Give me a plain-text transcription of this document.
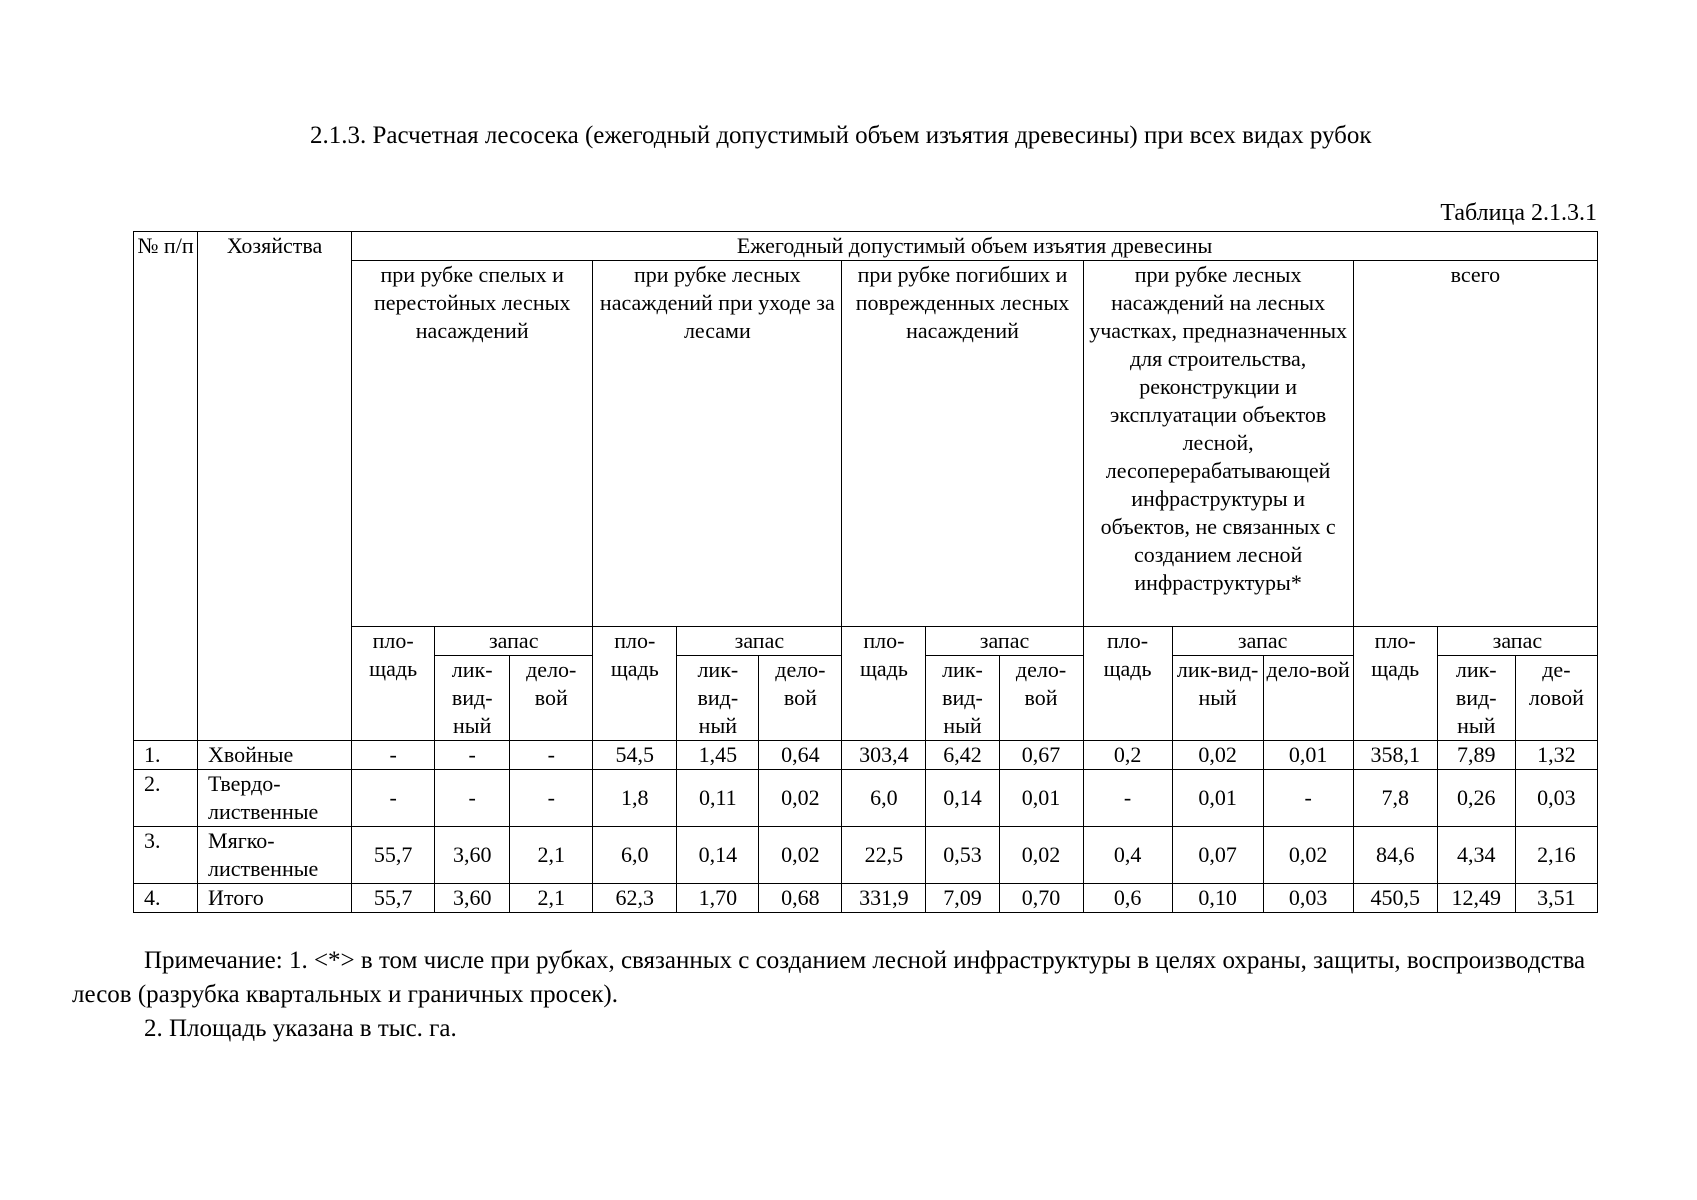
2.1.3. Расчетная лесосека (ежегодный допустимый объем изъятия древесины) при всех видах рубок
Таблица 2.1.3.1
№ п/п	Хозяйства	Ежегодный допустимый объем изъятия древесины														
		при рубке спелых и перестойных лесных насаждений			при рубке лесных насаждений при уходе за лесами			при рубке погибших и поврежденных лесных насаждений			при рубке лесных насаждений на лесных участках, предназначенных для строительства, реконструкции и эксплуатации объектов лесной, лесоперерабатывающей инфраструктуры и объектов, не связанных с созданием лесной инфраструктуры*			всего		
		пло-щадь	запас		пло-щадь	запас		пло-щадь	запас		пло-щадь	запас		пло-щадь	запас	
			лик-вид-ный	дело-вой		лик-вид-ный	дело-вой		лик-вид-ный	дело-вой		лик-вид-ный	дело-вой		лик-вид-ный	де-ловой
1.	Хвойные	-	-	-	54,5	1,45	0,64	303,4	6,42	0,67	0,2	0,02	0,01	358,1	7,89	1,32
2.	Твердо-лиственные	-	-	-	1,8	0,11	0,02	6,0	0,14	0,01	-	0,01	-	7,8	0,26	0,03
3.	Мягко-лиственные	55,7	3,60	2,1	6,0	0,14	0,02	22,5	0,53	0,02	0,4	0,07	0,02	84,6	4,34	2,16
4.	Итого	55,7	3,60	2,1	62,3	1,70	0,68	331,9	7,09	0,70	0,6	0,10	0,03	450,5	12,49	3,51

Примечание: 1. <*> в том числе при рубках, связанных с созданием лесной инфраструктуры в целях охраны, защиты, воспроизводства лесов (разрубка квартальных и граничных просек).

2. Площадь указана в тыс. га.
